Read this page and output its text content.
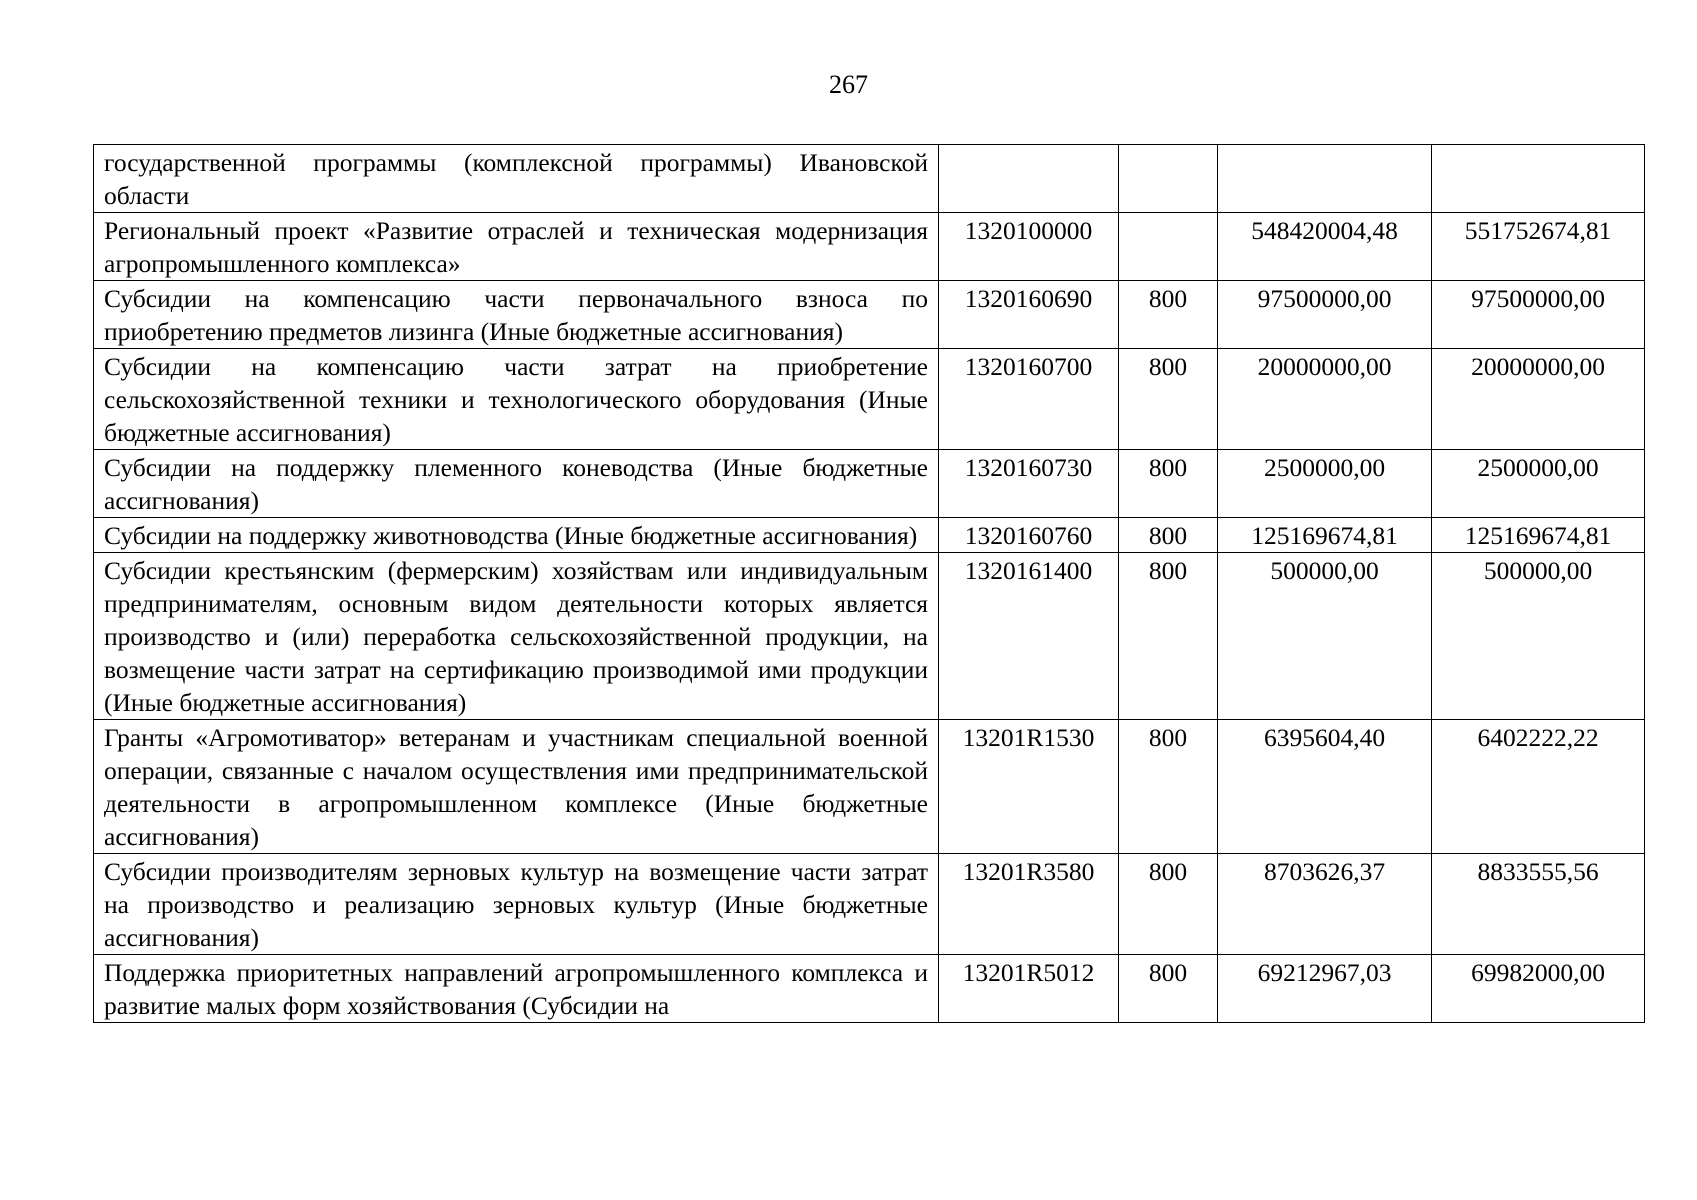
267
государственной программы (комплексной программы) Ивановской области				
Региональный проект «Развитие отраслей и техническая модернизация агропромышленного комплекса»	1320100000		548420004,48	551752674,81
Субсидии на компенсацию части первоначального взноса по приобретению предметов лизинга (Иные бюджетные ассигнования)	1320160690	800	97500000,00	97500000,00
Субсидии на компенсацию части затрат на приобретение сельскохозяйственной техники и технологического оборудования (Иные бюджетные ассигнования)	1320160700	800	20000000,00	20000000,00
Субсидии на поддержку племенного коневодства (Иные бюджетные ассигнования)	1320160730	800	2500000,00	2500000,00
Субсидии на поддержку животноводства (Иные бюджетные ассигнования)	1320160760	800	125169674,81	125169674,81
Субсидии крестьянским (фермерским) хозяйствам или индивидуальным предпринимателям, основным видом деятельности которых является производство и (или) переработка сельскохозяйственной продукции, на возмещение части затрат на сертификацию производимой ими продукции (Иные бюджетные ассигнования)	1320161400	800	500000,00	500000,00
Гранты «Агромотиватор» ветеранам и участникам специальной военной операции, связанные с началом осуществления ими предпринимательской деятельности в агропромышленном комплексе (Иные бюджетные ассигнования)	13201R1530	800	6395604,40	6402222,22
Субсидии производителям зерновых культур на возмещение части затрат на производство и реализацию зерновых культур (Иные бюджетные ассигнования)	13201R3580	800	8703626,37	8833555,56
Поддержка приоритетных направлений агропромышленного комплекса и развитие малых форм хозяйствования (Субсидии на	13201R5012	800	69212967,03	69982000,00
